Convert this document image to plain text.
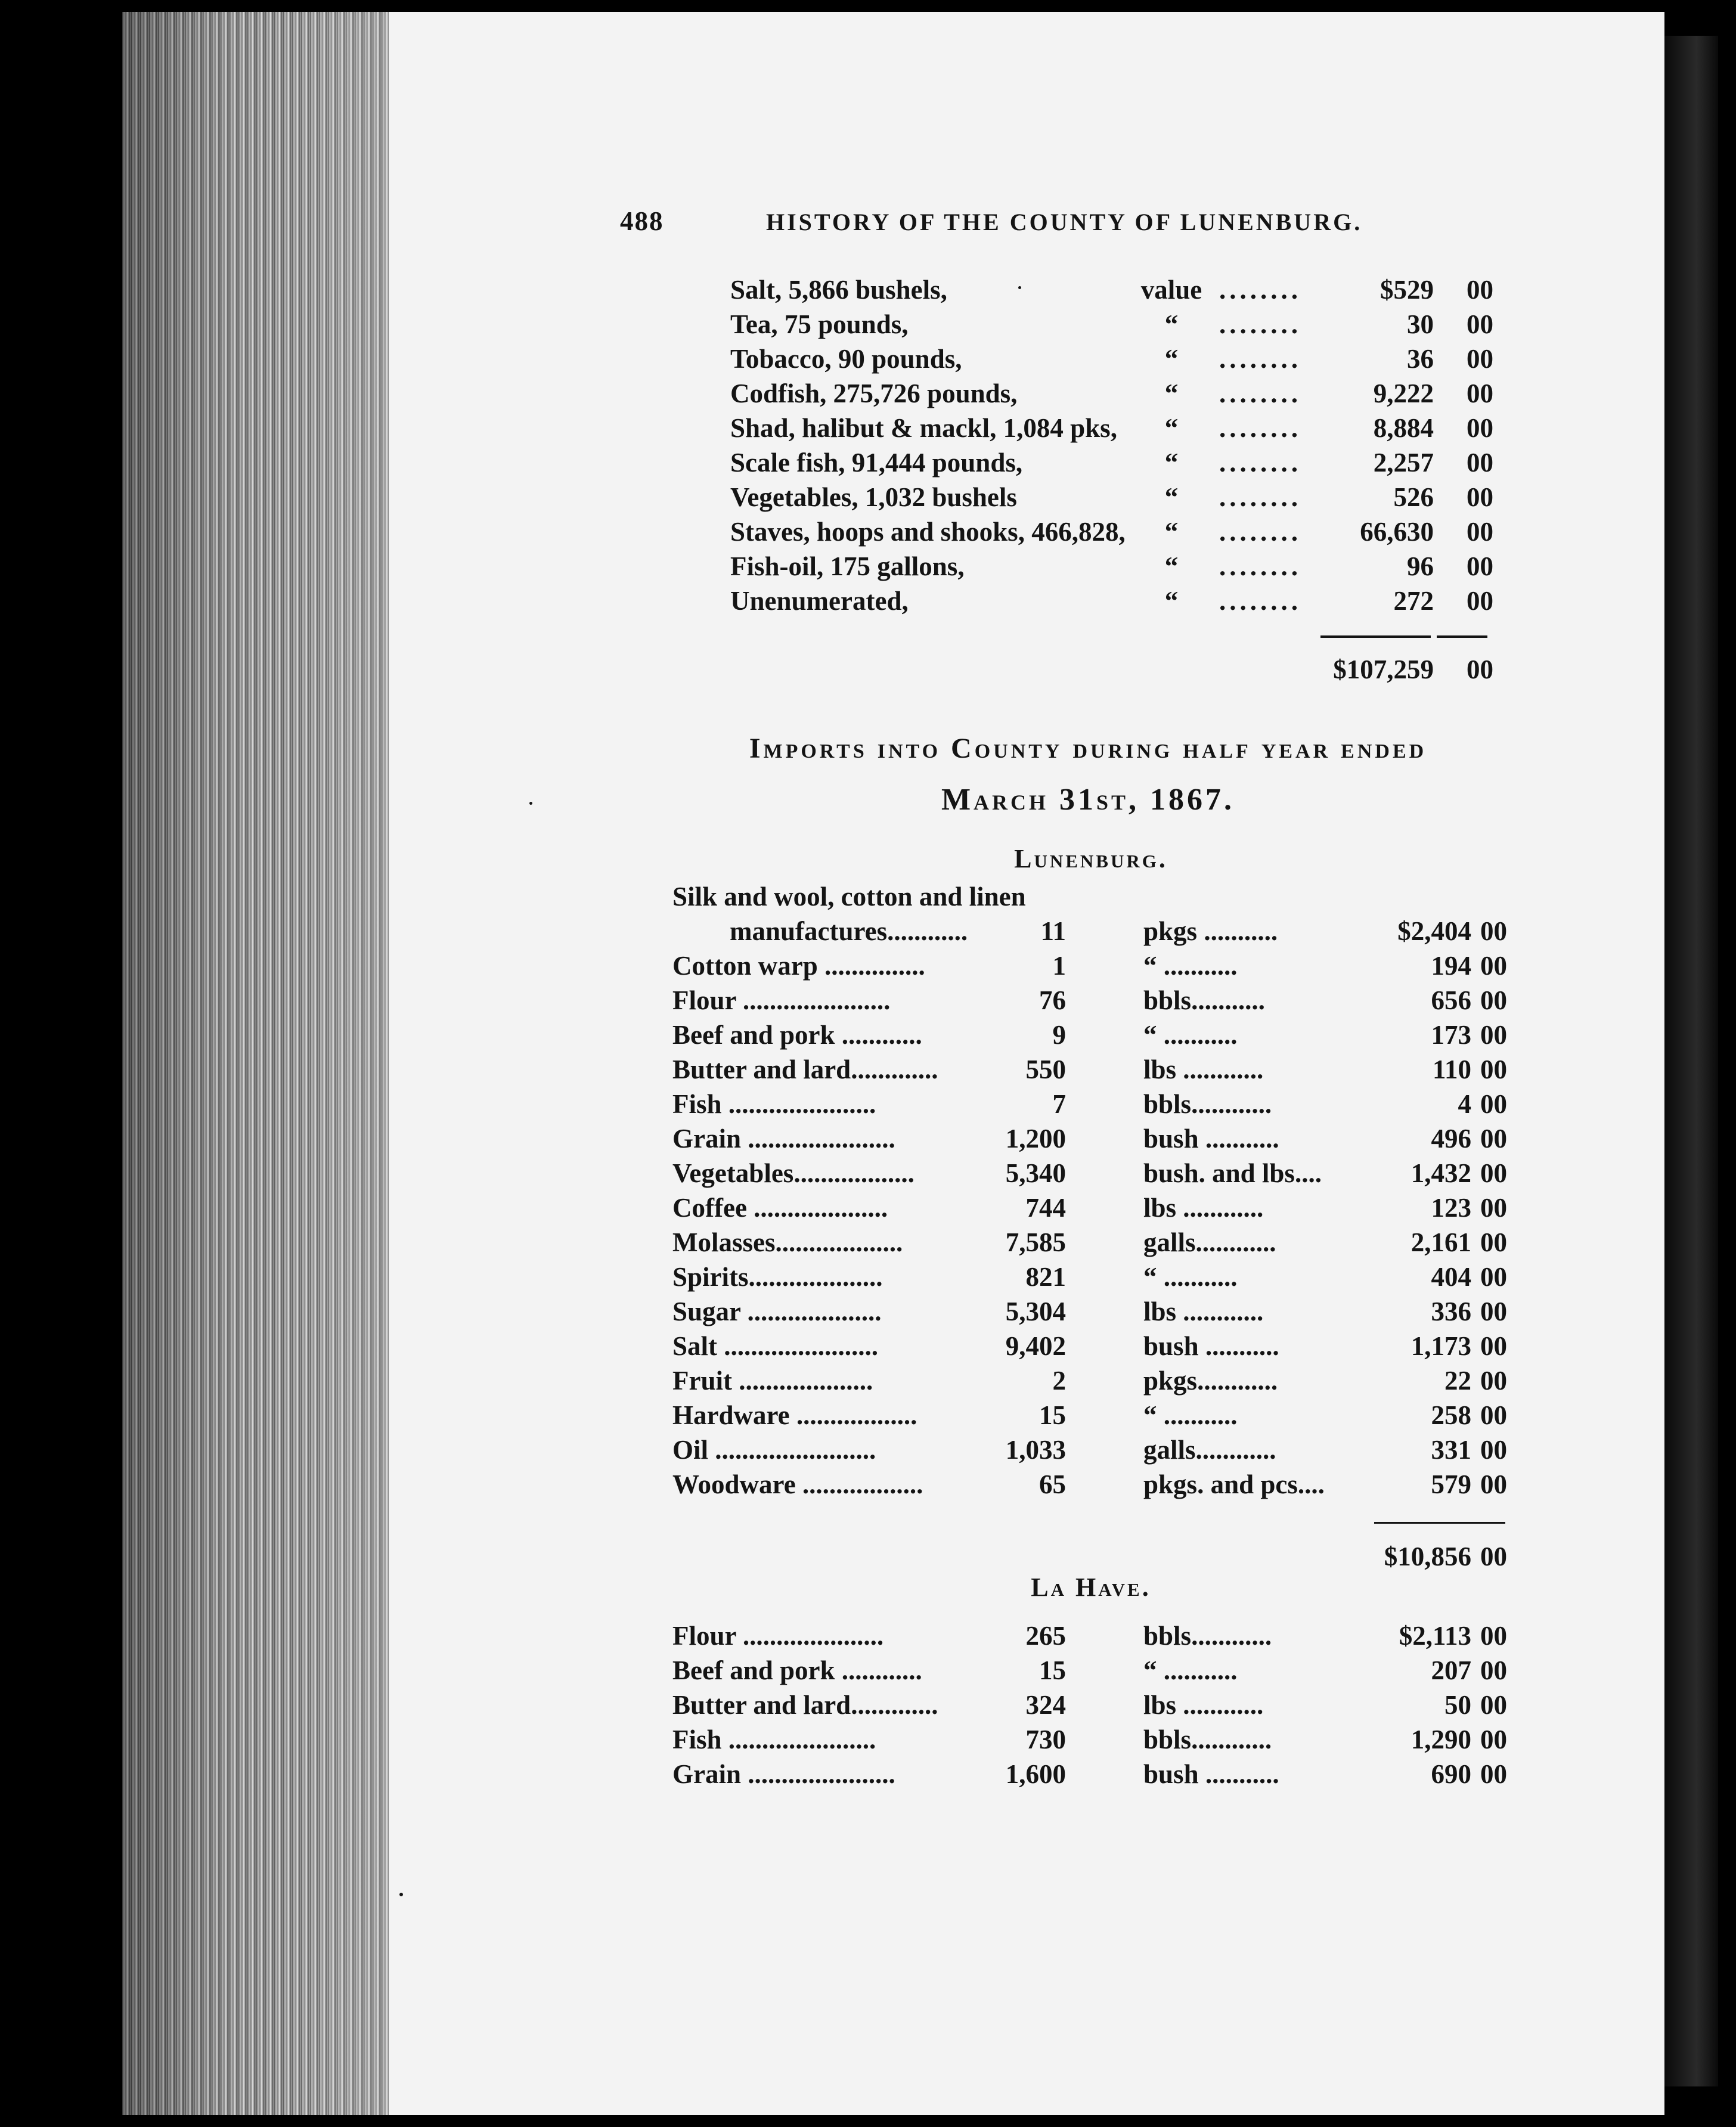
488	HISTORY OF THE COUNTY OF LUNENBURG.
Salt, 5,866 bushels,	value ........	$529	00
Tea, 75 pounds,	“	........	30	00
Tobacco, 90 pounds,	“	........	36	00
Codfish, 275,726 pounds,	“	........	9,222	00
Shad, halibut & mackl, 1,084 pks,	“	........	8,884	00
Scale fish, 91,444 pounds,	“	........	2,257	00
Vegetables, 1,032 bushels	“	........	526	00
Staves, hoops and shooks, 466,828,	“	........ 66,630	00
Fish-oil, 175 gallons,	“	........	96	00
Unenumerated,	“	........	272	00
$107,259 00
Imports into County during half year ended
March 31st, 1867.
Lunenburg.
Silk and wool, cotton and linen
manufactures............	11	pkgs ...........	$2,404 00
Cotton warp ...............	1	“ ...........	194 00
Flour ......................	76	bbls...........	656 00
Beef and pork ............	9	“ ...........	173 00
Butter and lard.............	550	lbs ............	110 00
Fish ......................	7	bbls............	4 00
Grain ......................	1,200	bush ...........	496 00
Vegetables..................	5,340	bush. and lbs....	1,432 00
Coffee ....................	744	lbs ............	123 00
Molasses...................	7,585	galls............	2,161 00
Spirits....................	821	“ ...........	404 00
Sugar ....................	5,304	lbs ............	336 00
Salt .......................	9,402	bush ...........	1,173 00
Fruit ....................	2	pkgs............	22 00
Hardware ..................	15	“ ...........	258 00
Oil ........................	1,033	galls............	331 00
Woodware ..................	65	pkgs. and pcs....	579 00
$10,856 00
La Have.
Flour .....................	265	bbls............	$2,113 00
Beef and pork ............	15	“ ...........	207 00
Butter and lard.............	324	lbs ............	50 00
Fish ......................	730	bbls............	1,290 00
Grain ......................	1,600	bush ...........	690 00
